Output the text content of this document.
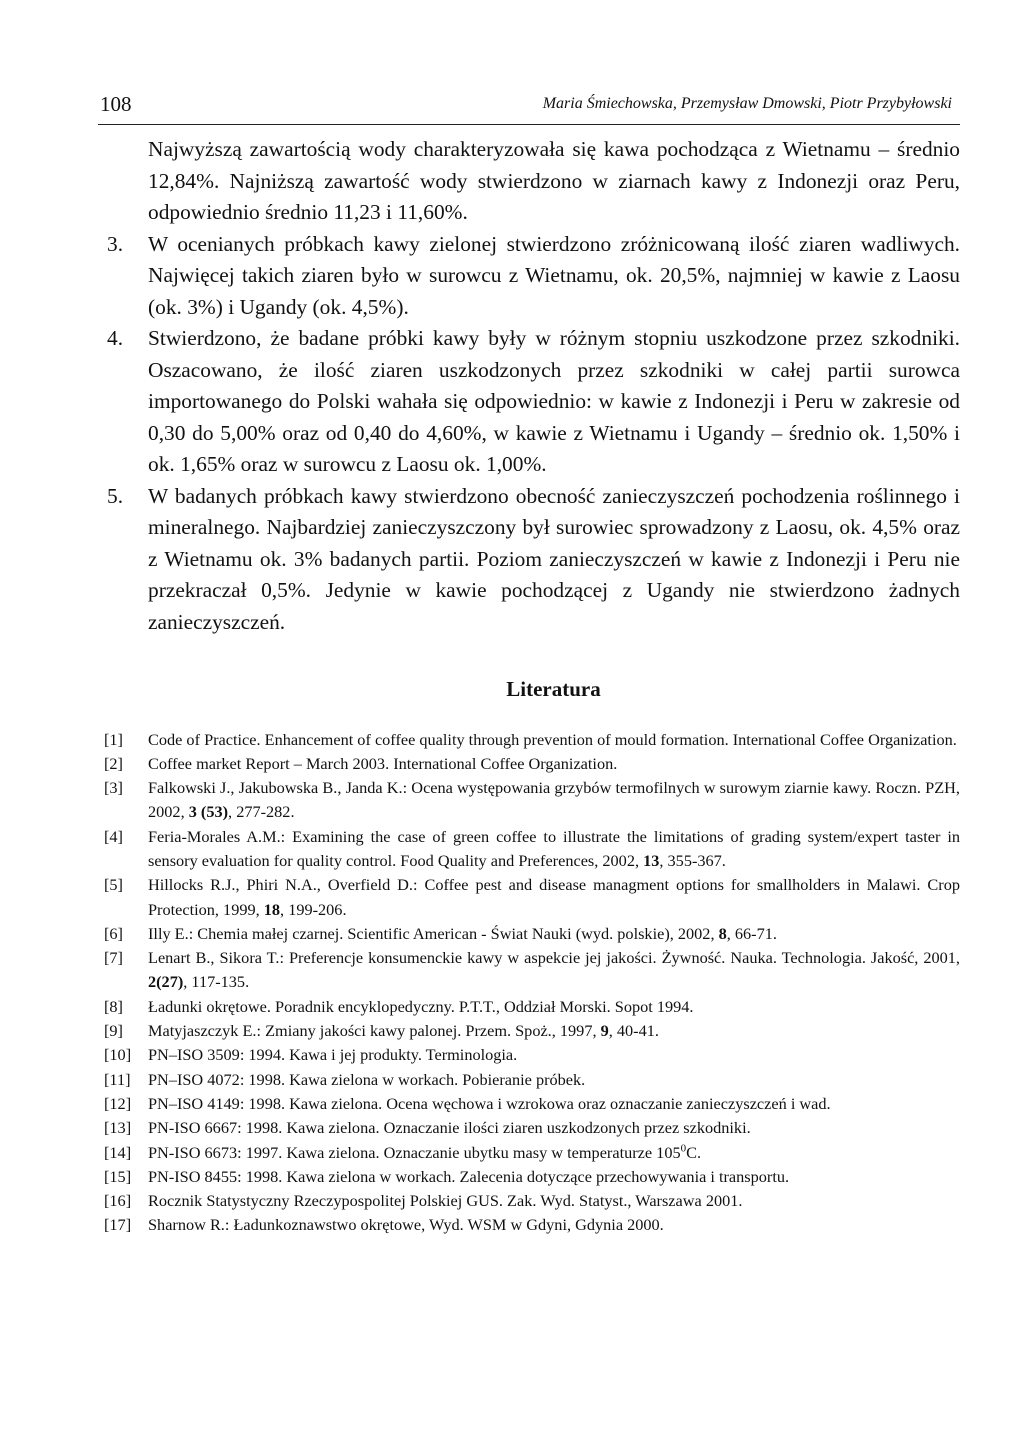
108	Maria Śmiechowska, Przemysław Dmowski, Piotr Przybyłowski

Najwyższą zawartością wody charakteryzowała się kawa pochodząca z Wietnamu – średnio 12,84%. Najniższą zawartość wody stwierdzono w ziarnach kawy z Indonezji oraz Peru, odpowiednio średnio 11,23 i 11,60%.

3. W ocenianych próbkach kawy zielonej stwierdzono zróżnicowaną ilość ziaren wadliwych. Najwięcej takich ziaren było w surowcu z Wietnamu, ok. 20,5%, najmniej w kawie z Laosu (ok. 3%) i Ugandy (ok. 4,5%).

4. Stwierdzono, że badane próbki kawy były w różnym stopniu uszkodzone przez szkodniki. Oszacowano, że ilość ziaren uszkodzonych przez szkodniki w całej partii surowca importowanego do Polski wahała się odpowiednio: w kawie z Indonezji i Peru w zakresie od 0,30 do 5,00% oraz od 0,40 do 4,60%, w kawie z Wietnamu i Ugandy – średnio ok. 1,50% i ok. 1,65% oraz w surowcu z Laosu ok. 1,00%.

5. W badanych próbkach kawy stwierdzono obecność zanieczyszczeń pochodzenia roślinnego i mineralnego. Najbardziej zanieczyszczony był surowiec sprowadzony z Laosu, ok. 4,5% oraz z Wietnamu ok. 3% badanych partii. Poziom zanieczyszczeń w kawie z Indonezji i Peru nie przekraczał 0,5%. Jedynie w kawie pochodzącej z Ugandy nie stwierdzono żadnych zanieczyszczeń.

Literatura
[1] Code of Practice. Enhancement of coffee quality through prevention of mould formation. International Coffee Organization.
[2] Coffee market Report – March 2003. International Coffee Organization.
[3] Falkowski J., Jakubowska B., Janda K.: Ocena występowania grzybów termofilnych w surowym ziarnie kawy. Roczn. PZH, 2002, 3 (53), 277-282.
[4] Feria-Morales A.M.: Examining the case of green coffee to illustrate the limitations of grading system/expert taster in sensory evaluation for quality control. Food Quality and Preferences, 2002, 13, 355-367.
[5] Hillocks R.J., Phiri N.A., Overfield D.: Coffee pest and disease managment options for smallholders in Malawi. Crop Protection, 1999, 18, 199-206.
[6] Illy E.: Chemia małej czarnej. Scientific American - Świat Nauki (wyd. polskie), 2002, 8, 66-71.
[7] Lenart B., Sikora T.: Preferencje konsumenckie kawy w aspekcie jej jakości. Żywność. Nauka. Technologia. Jakość, 2001, 2(27), 117-135.
[8] Ładunki okrętowe. Poradnik encyklopedyczny. P.T.T., Oddział Morski. Sopot 1994.
[9] Matyjaszczyk E.: Zmiany jakości kawy palonej. Przem. Spoż., 1997, 9, 40-41.
[10] PN–ISO 3509: 1994. Kawa i jej produkty. Terminologia.
[11] PN–ISO 4072: 1998. Kawa zielona w workach. Pobieranie próbek.
[12] PN–ISO 4149: 1998. Kawa zielona. Ocena węchowa i wzrokowa oraz oznaczanie zanieczyszczeń i wad.
[13] PN-ISO 6667: 1998. Kawa zielona. Oznaczanie ilości ziaren uszkodzonych przez szkodniki.
[14] PN-ISO 6673: 1997. Kawa zielona. Oznaczanie ubytku masy w temperaturze $105^0C$.
[15] PN-ISO 8455: 1998. Kawa zielona w workach. Zalecenia dotyczące przechowywania i transportu.
[16] Rocznik Statystyczny Rzeczypospolitej Polskiej GUS. Zak. Wyd. Statyst., Warszawa 2001.
[17] Sharnow R.: Ładunkoznawstwo okrętowe, Wyd. WSM w Gdyni, Gdynia 2000.
